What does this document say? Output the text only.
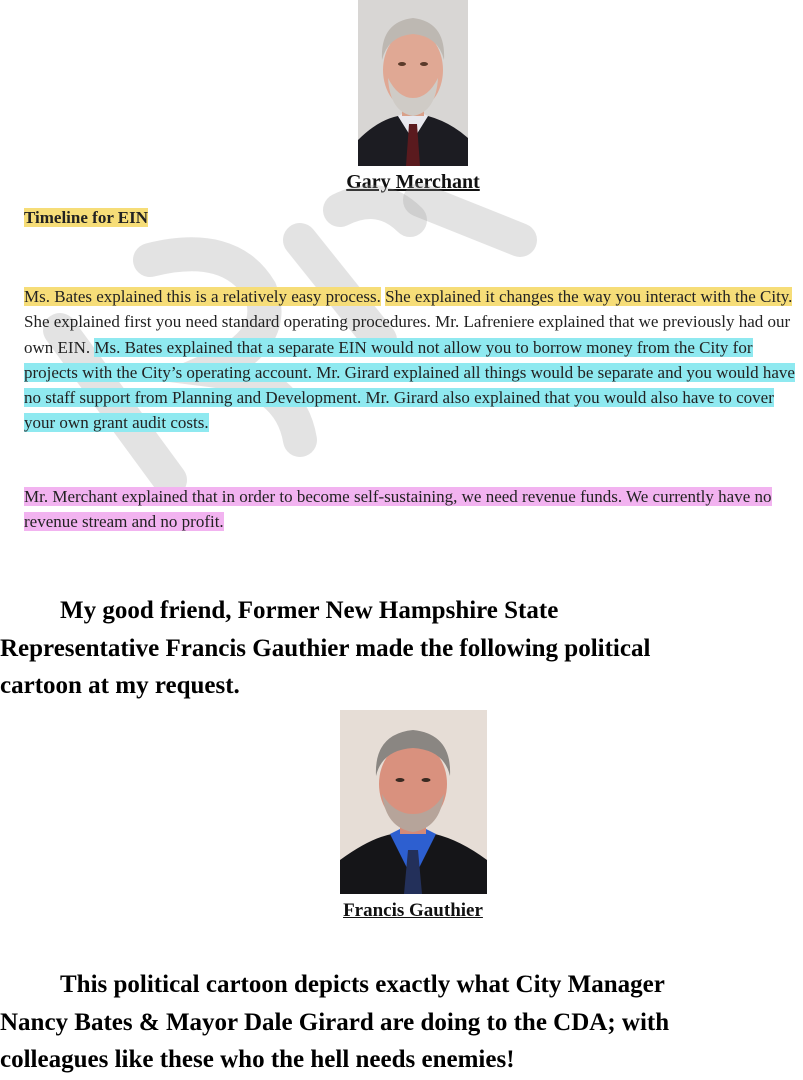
Gary Merchant
Timeline for EIN
Ms. Bates explained this is a relatively easy process. She explained it changes the way you interact with the City. She explained first you need standard operating procedures. Mr. Lafreniere explained that we previously had our own EIN. Ms. Bates explained that a separate EIN would not allow you to borrow money from the City for projects with the City’s operating account. Mr. Girard explained all things would be separate and you would have no staff support from Planning and Development. Mr. Girard also explained that you would also have to cover your own grant audit costs.
Mr. Merchant explained that in order to become self-sustaining, we need revenue funds. We currently have no revenue stream and no profit.
My good friend, Former New Hampshire State
Representative Francis Gauthier made the following political
cartoon at my request.
Francis Gauthier
This political cartoon depicts exactly what City Manager
Nancy Bates & Mayor Dale Girard are doing to the CDA; with
colleagues like these who the hell needs enemies!
